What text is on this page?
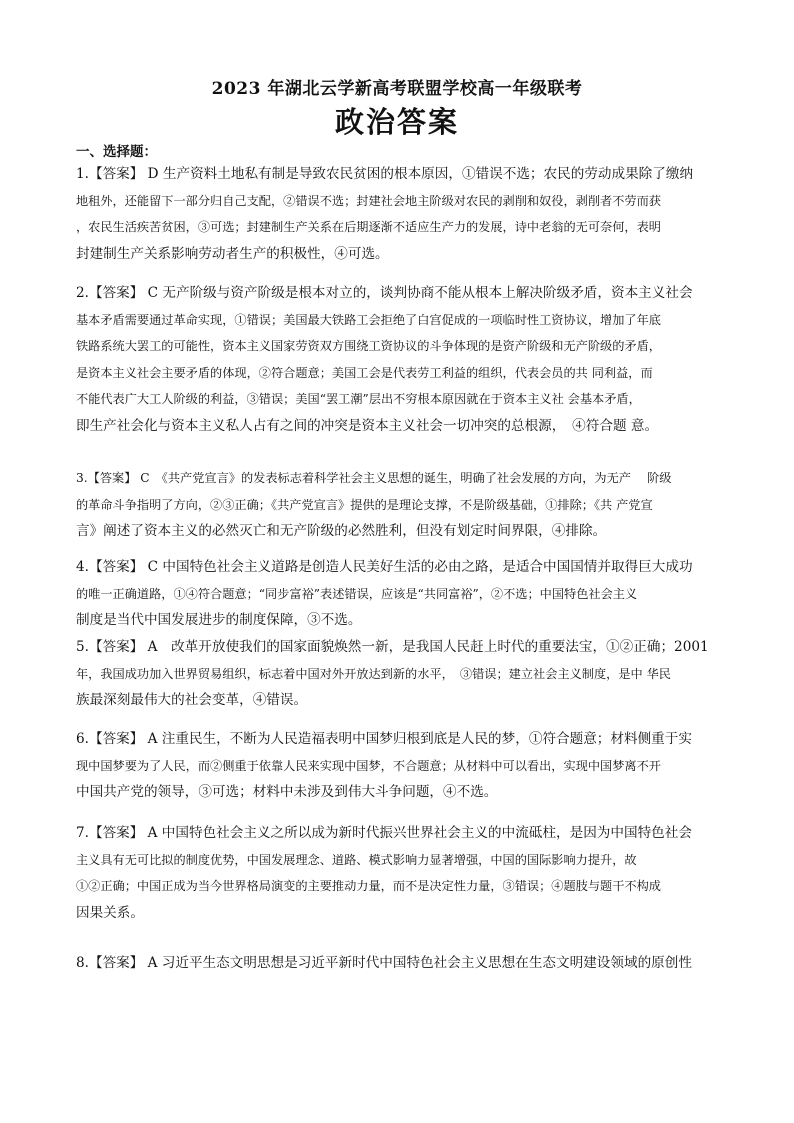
2023 年湖北云学新高考联盟学校高一年级联考
政治答案
一、选择题：
1.【答案】 D 生产资料土地私有制是导致农民贫困的根本原因，①错误不选；农民的劳动成果除了缴纳
地租外，还能留下一部分归自己支配，②错误不选；封建社会地主阶级对农民的剥削和奴役，剥削者不劳而获
，农民生活疾苦贫困，③可选；封建制生产关系在后期逐渐不适应生产力的发展，诗中老翁的无可奈何，表明
封建制生产关系影响劳动者生产的积极性，④可选。
2.【答案】 C 无产阶级与资产阶级是根本对立的，谈判协商不能从根本上解决阶级矛盾，资本主义社会
基本矛盾需要通过革命实现，①错误；美国最大铁路工会拒绝了白宫促成的一项临时性工资协议，增加了年底
铁路系统大罢工的可能性，资本主义国家劳资双方围绕工资协议的斗争体现的是资产阶级和无产阶级的矛盾，
是资本主义社会主要矛盾的体现，②符合题意；美国工会是代表劳工利益的组织，代表会员的共 同利益，而
不能代表广大工人阶级的利益，③错误；美国“罢工潮”层出不穷根本原因就在于资本主义社 会基本矛盾，
即生产社会化与资本主义私人占有之间的冲突是资本主义社会一切冲突的总根源，　④符合题 意。
3.【答案】 C　《共产党宣言》的发表标志着科学社会主义思想的诞生，明确了社会发展的方向，为无产　 阶级
的革命斗争指明了方向，②③正确；《共产党宣言》提供的是理论支撑，不是阶级基础，①排除；《共 产党宣
言》阐述了资本主义的必然灭亡和无产阶级的必然胜利，但没有划定时间界限，④排除。
4.【答案】 C 中国特色社会主义道路是创造人民美好生活的必由之路，是适合中国国情并取得巨大成功
的唯一正确道路，①④符合题意；“同步富裕”表述错误，应该是“共同富裕”，②不选；中国特色社会主义
制度是当代中国发展进步的制度保障，③不选。
5.【答案】 A　改革开放使我们的国家面貌焕然一新，是我国人民赶上时代的重要法宝，①②正确；2001
年，我国成功加入世界贸易组织，标志着中国对外开放达到新的水平，　③错误；建立社会主义制度，是中 华民
族最深刻最伟大的社会变革，④错误。
6.【答案】 A 注重民生，不断为人民造福表明中国梦归根到底是人民的梦，①符合题意；材料侧重于实
现中国梦要为了人民，而②侧重于依靠人民来实现中国梦，不合题意；从材料中可以看出，实现中国梦离不开
中国共产党的领导，③可选；材料中未涉及到伟大斗争问题，④不选。
7.【答案】 A 中国特色社会主义之所以成为新时代振兴世界社会主义的中流砥柱，是因为中国特色社会
主义具有无可比拟的制度优势，中国发展理念、道路、模式影响力显著增强，中国的国际影响力提升，故
①②正确；中国正成为当今世界格局演变的主要推动力量，而不是决定性力量，③错误；④题肢与题干不构成
因果关系。
8.【答案】 A 习近平生态文明思想是习近平新时代中国特色社会主义思想在生态文明建设领域的原创性
